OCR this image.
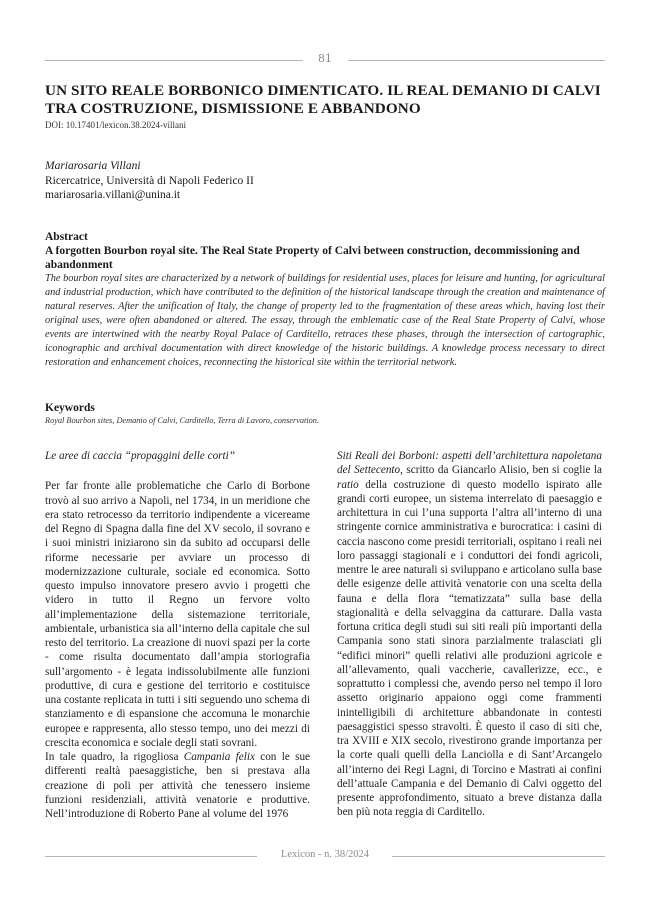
81
UN SITO REALE BORBONICO DIMENTICATO. IL REAL DEMANIO DI CALVI TRA COSTRUZIONE, DISMISSIONE E ABBANDONO
DOI: 10.17401/lexicon.38.2024-villani
Mariarosaria Villani
Ricercatrice, Università di Napoli Federico II
mariarosaria.villani@unina.it
Abstract
A forgotten Bourbon royal site. The Real State Property of Calvi between construction, decommissioning and abandonment
The bourbon royal sites are characterized by a network of buildings for residential uses, places for leisure and hunting, for agricultural and industrial production, which have contributed to the definition of the historical landscape through the creation and maintenance of natural reserves. After the unification of Italy, the change of property led to the fragmentation of these areas which, having lost their original uses, were often abandoned or altered. The essay, through the emblematic case of the Real State Property of Calvi, whose events are intertwined with the nearby Royal Palace of Carditello, retraces these phases, through the intersection of cartographic, iconographic and archival documentation with direct knowledge of the historic buildings. A knowledge process necessary to direct restoration and enhancement choices, reconnecting the historical site within the territorial network.
Keywords
Royal Bourbon sites, Demanio of Calvi, Carditello, Terra di Lavoro, conservation.

Le aree di caccia “propaggini delle corti”

Per far fronte alle problematiche che Carlo di Borbone trovò al suo arrivo a Napoli, nel 1734, in un meridione che era stato retrocesso da territorio indipendente a vicereame del Regno di Spagna dalla fine del XV secolo, il sovrano e i suoi ministri iniziarono sin da subito ad occuparsi delle riforme necessarie per avviare un processo di modernizzazione culturale, sociale ed economica. Sotto questo impulso innovatore presero avvio i progetti che videro in tutto il Regno un fervore volto all’implementazione della sistemazione territoriale, ambientale, urbanistica sia all’interno della capitale che sul resto del territorio. La creazione di nuovi spazi per la corte - come risulta documentato dall’ampia storiografia sull’argomento - è legata indissolubilmente alle funzioni produttive, di cura e gestione del territorio e costituisce una costante replicata in tutti i siti seguendo uno schema di stanziamento e di espansione che accomuna le monarchie europee e rappresenta, allo stesso tempo, uno dei mezzi di crescita economica e sociale degli stati sovrani.

In tale quadro, la rigogliosa Campania felix con le sue differenti realtà paesaggistiche, ben si prestava alla creazione di poli per attività che tenessero insieme funzioni residenziali, attività venatorie e produttive. Nell’introduzione di Roberto Pane al volume del 1976

Siti Reali dei Borboni: aspetti dell’architettura napoletana del Settecento, scritto da Giancarlo Alisio, ben si coglie la ratio della costruzione di questo modello ispirato alle grandi corti europee, un sistema interrelato di paesaggio e architettura in cui l’una supporta l’altra all’interno di una stringente cornice amministrativa e burocratica: i casini di caccia nascono come presidi territoriali, ospitano i reali nei loro passaggi stagionali e i conduttori dei fondi agricoli, mentre le aree naturali si sviluppano e articolano sulla base delle esigenze delle attività venatorie con una scelta della fauna e della flora “tematizzata” sulla base della stagionalità e della selvaggina da catturare. Dalla vasta fortuna critica degli studi sui siti reali più importanti della Campania sono stati sinora parzialmente tralasciati gli “edifici minori” quelli relativi alle produzioni agricole e all’allevamento, quali vaccherie, cavallerizze, ecc., e soprattutto i complessi che, avendo perso nel tempo il loro assetto originario appaiono oggi come frammenti inintelligibili di architetture abbandonate in contesti paesaggistici spesso stravolti. È questo il caso di siti che, tra XVIII e XIX secolo, rivestirono grande importanza per la corte quali quelli della Lanciolla e di Sant’Arcangelo all’interno dei Regi Lagni, di Torcino e Mastrati ai confini dell’attuale Campania e del Demanio di Calvi oggetto del presente approfondimento, situato a breve distanza dalla ben più nota reggia di Carditello.

Lexicon - n. 38/2024
